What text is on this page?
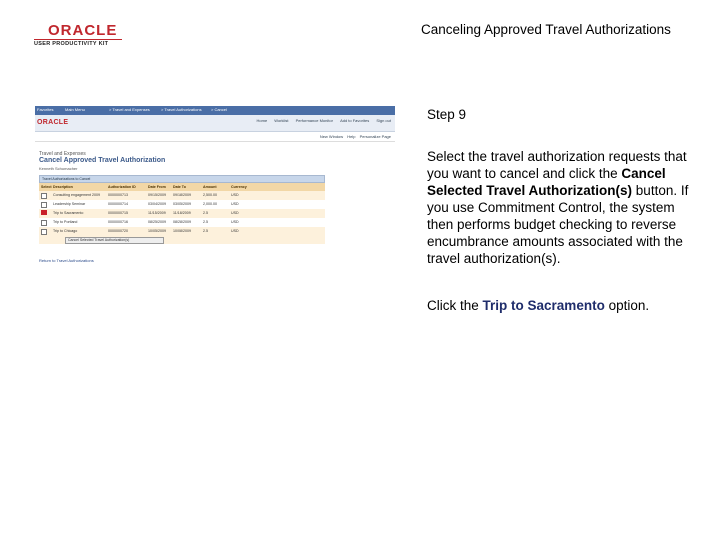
ORACLE
USER PRODUCTIVITY KIT
Canceling Approved Travel Authorizations
Favorites	Main Menu	> Travel and Expenses	> Travel Authorizations > Cancel
ORACLE	Home Worklist Performance Monitor Add to Favorites Sign out
New Window Help Personalize Page
Travel and Expenses
Cancel Approved Travel Authorization
Kenneth Schumacher
Travel Authorizations to Cancel
Select Description	Authorization ID	Date From	Date To	Amount	Currency
Consulting engagement 2009	0000000713	09/15/2009	09/18/2009	2,500.00	USD
Leadership Seminar	0000000714	03/04/2009	03/05/2009	2,000.00	USD
Trip to Sacramento	0000000715	11/15/2009	11/18/2009	2.5	USD
Trip to Portland	0000000716	08/25/2009	08/28/2009	2.5	USD
Trip to Chicago	0000000720	10/05/2009	10/08/2009	2.5	USD
Cancel Selected Travel Authorization(s)
Return to Travel Authorizations
Step 9
Select the travel authorization requests that you want to cancel and click the Cancel Selected Travel Authorization(s) button. If you use Commitment Control, the system then performs budget checking to reverse encumbrance amounts associated with the travel authorization(s).
Click the Trip to Sacramento option.
